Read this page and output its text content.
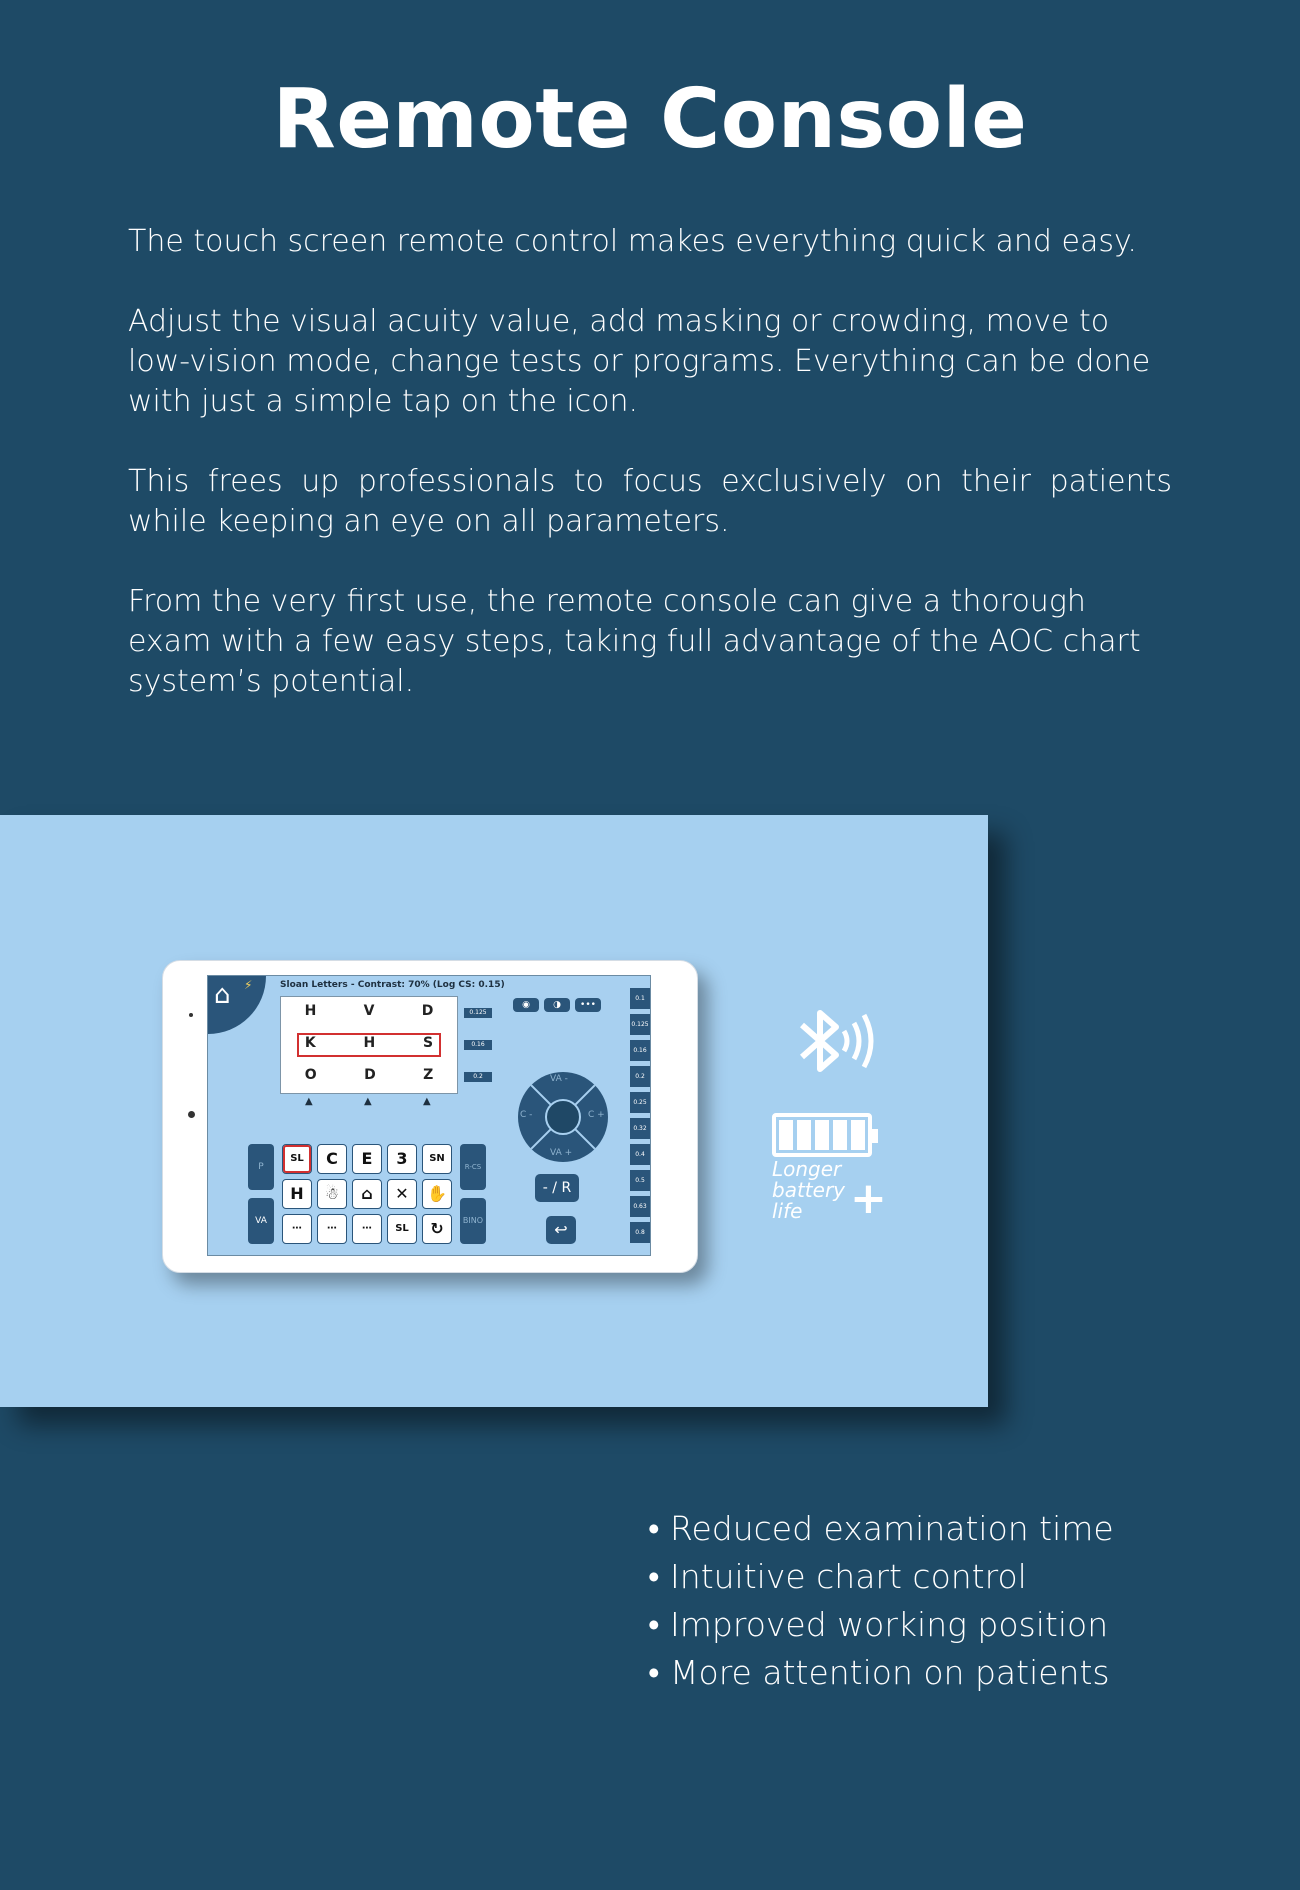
Remote Console
The touch screen remote control makes everything quick and easy.
Adjust the visual acuity value, add masking or crowding, move to low-vision mode, change tests or programs. Everything can be done with just a simple tap on the icon.
This frees up professionals to focus exclusively on their patients while keeping an eye on all parameters.
From the very first use, the remote console can give a thorough exam with a few easy steps, taking full advantage of the AOC chart system’s potential.
⌂ ⚡	Sloan Letters - Contrast: 70% (Log CS: 0.15)
H	V	D
K	H	S
O	D	Z
0.125
0.16
0.2
▲	▲	▲
◉	◑	•••
0.1
0.125
0.16
0.2
0.25
0.32
0.4
0.5
0.63
0.8
VA -
VA +
C -	C +
P
VA
R-CS
BINO
SL	C	E	3	SN
H	☃	⌂	✕	✋
⋯	⋯	⋯	SL	↻
- / R
↩
Longer battery life	+
• Reduced examination time
• Intuitive chart control
• Improved working position
• More attention on patients
